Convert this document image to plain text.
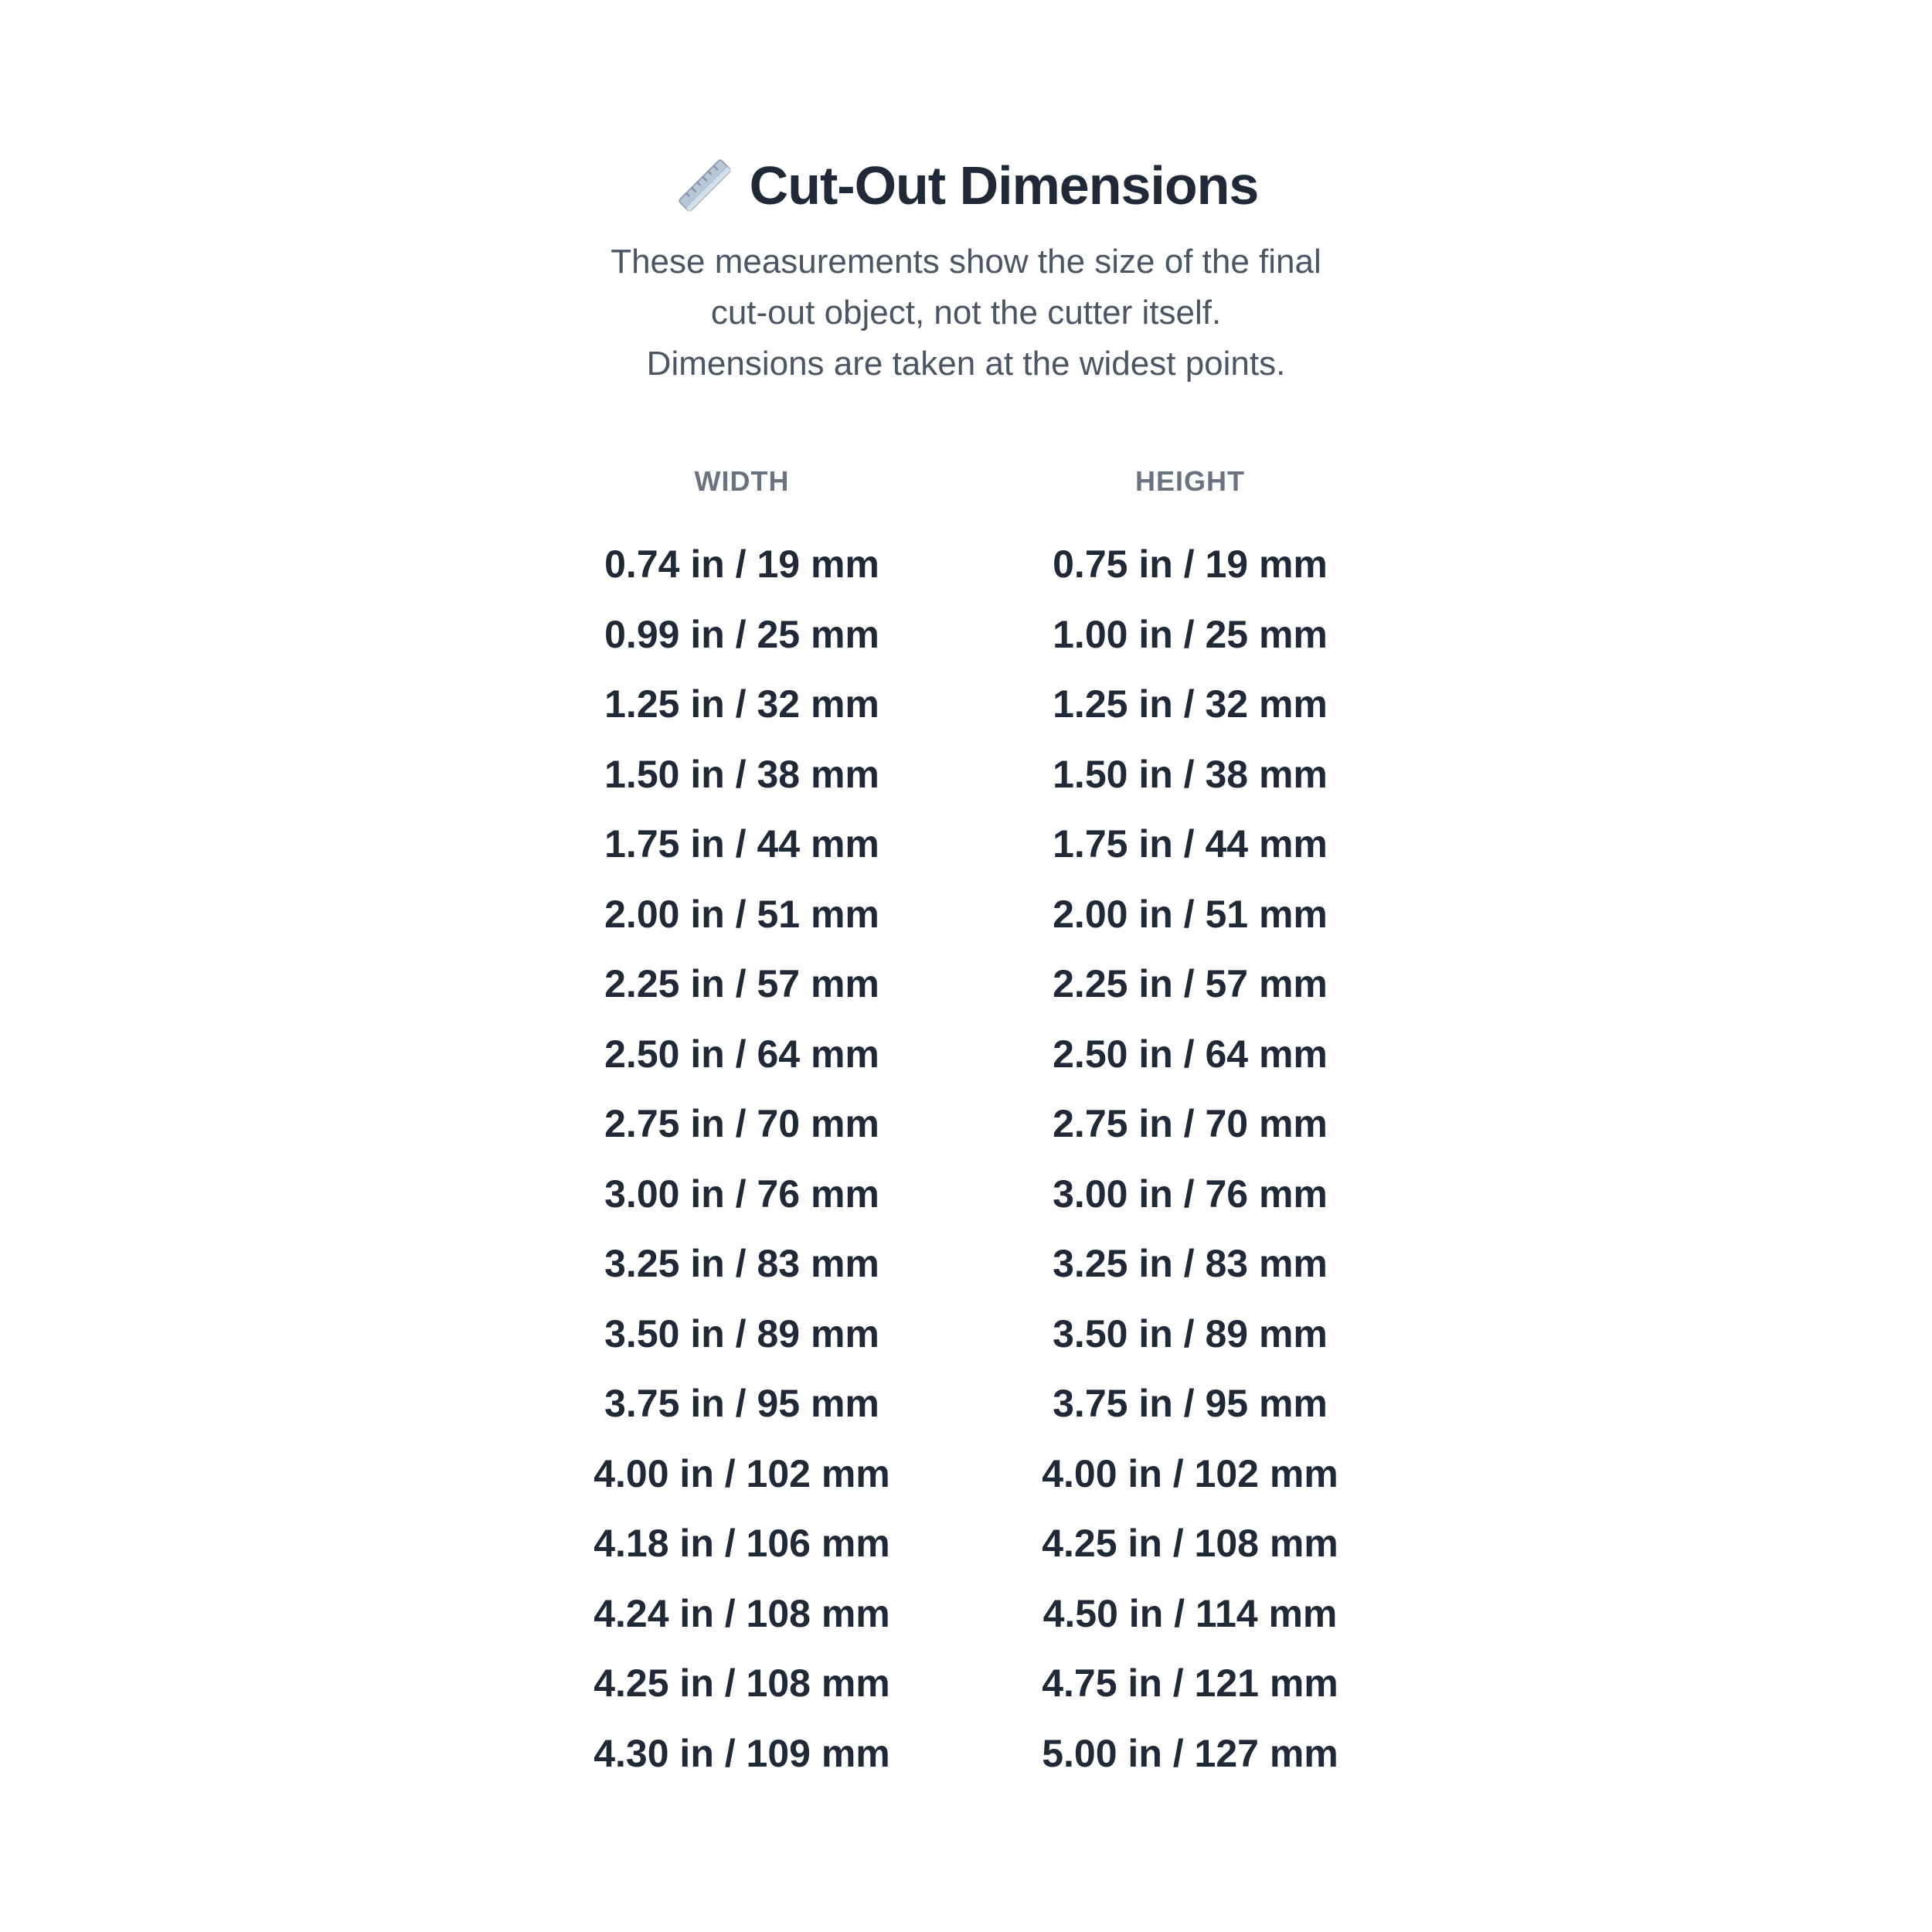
Cut-Out Dimensions
These measurements show the size of the final
cut-out object, not the cutter itself.
Dimensions are taken at the widest points.
WIDTH	HEIGHT
0.74 in / 19 mm	0.75 in / 19 mm
0.99 in / 25 mm	1.00 in / 25 mm
1.25 in / 32 mm	1.25 in / 32 mm
1.50 in / 38 mm	1.50 in / 38 mm
1.75 in / 44 mm	1.75 in / 44 mm
2.00 in / 51 mm	2.00 in / 51 mm
2.25 in / 57 mm	2.25 in / 57 mm
2.50 in / 64 mm	2.50 in / 64 mm
2.75 in / 70 mm	2.75 in / 70 mm
3.00 in / 76 mm	3.00 in / 76 mm
3.25 in / 83 mm	3.25 in / 83 mm
3.50 in / 89 mm	3.50 in / 89 mm
3.75 in / 95 mm	3.75 in / 95 mm
4.00 in / 102 mm	4.00 in / 102 mm
4.18 in / 106 mm	4.25 in / 108 mm
4.24 in / 108 mm	4.50 in / 114 mm
4.25 in / 108 mm	4.75 in / 121 mm
4.30 in / 109 mm	5.00 in / 127 mm
